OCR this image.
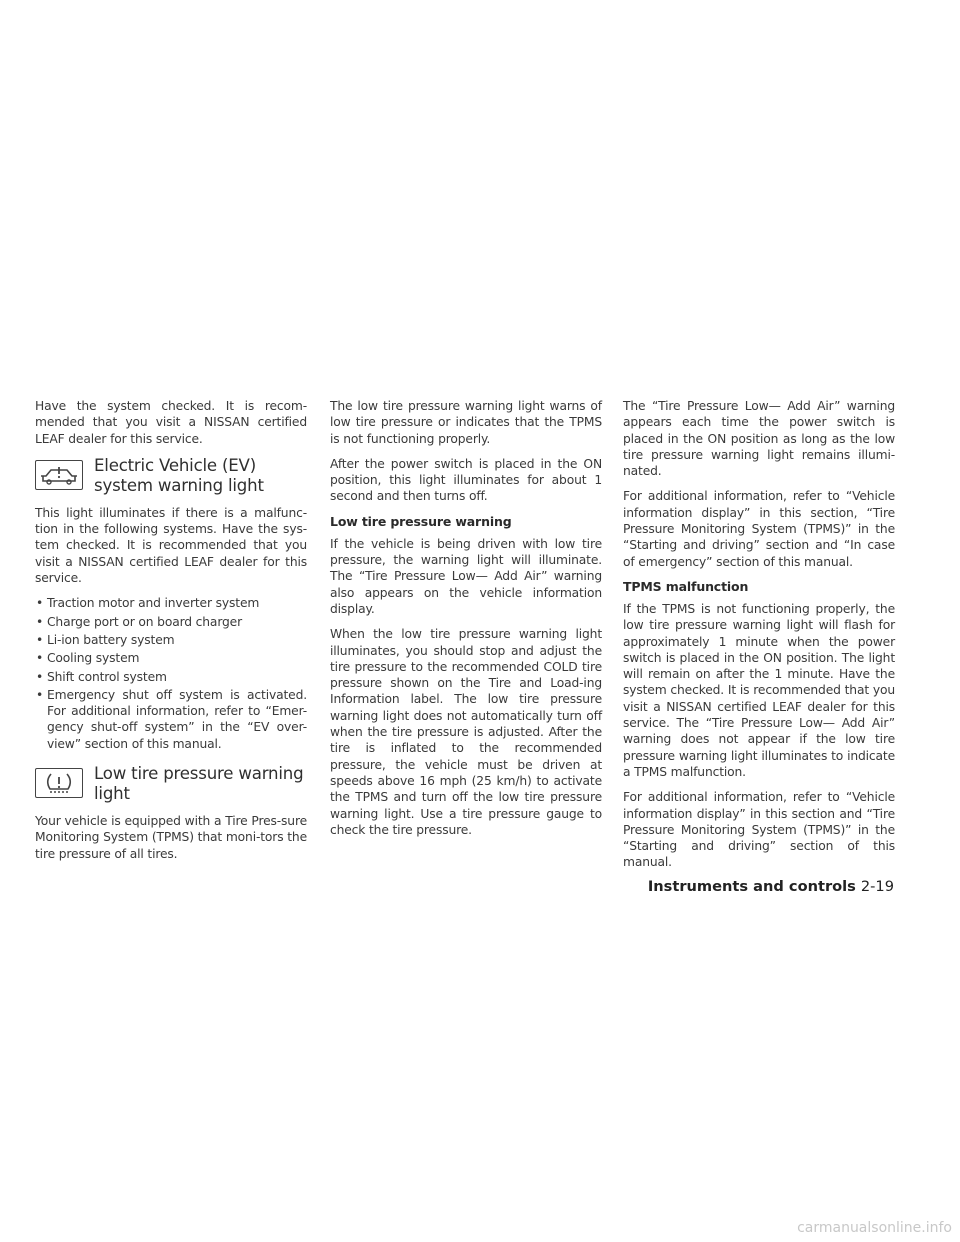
Have the system checked. It is recom-mended that you visit a NISSAN certified LEAF dealer for this service.

Electric Vehicle (EV) system warning light

This light illuminates if there is a malfunc-tion in the following systems. Have the sys-tem checked. It is recommended that you visit a NISSAN certified LEAF dealer for this service.

• Traction motor and inverter system
• Charge port or on board charger
• Li-ion battery system
• Cooling system
• Shift control system
• Emergency shut off system is activated. For additional information, refer to “Emer-gency shut-off system” in the “EV over-view” section of this manual.
Low tire pressure warning light

Your vehicle is equipped with a Tire Pres-sure Monitoring System (TPMS) that moni-tors the tire pressure of all tires.

The low tire pressure warning light warns of low tire pressure or indicates that the TPMS is not functioning properly.

After the power switch is placed in the ON position, this light illuminates for about 1 second and then turns off.

Low tire pressure warning

If the vehicle is being driven with low tire pressure, the warning light will illuminate. The “Tire Pressure Low— Add Air” warning also appears on the vehicle information display.

When the low tire pressure warning light illuminates, you should stop and adjust the tire pressure to the recommended COLD tire pressure shown on the Tire and Load-ing Information label. The low tire pressure warning light does not automatically turn off when the tire pressure is adjusted. After the tire is inflated to the recommended pressure, the vehicle must be driven at speeds above 16 mph (25 km/h) to activate the TPMS and turn off the low tire pressure warning light. Use a tire pressure gauge to check the tire pressure.

The “Tire Pressure Low— Add Air” warning appears each time the power switch is placed in the ON position as long as the low tire pressure warning light remains illumi-nated.

For additional information, refer to “Vehicle information display” in this section, “Tire Pressure Monitoring System (TPMS)” in the “Starting and driving” section and “In case of emergency” section of this manual.

TPMS malfunction

If the TPMS is not functioning properly, the low tire pressure warning light will flash for approximately 1 minute when the power switch is placed in the ON position. The light will remain on after the 1 minute. Have the system checked. It is recommended that you visit a NISSAN certified LEAF dealer for this service. The “Tire Pressure Low— Add Air” warning does not appear if the low tire pressure warning light illuminates to indicate a TPMS malfunction.

For additional information, refer to “Vehicle information display” in this section and “Tire Pressure Monitoring System (TPMS)” in the “Starting and driving” section of this manual.

Instruments and controls 2-19
carmanualsonline.info
